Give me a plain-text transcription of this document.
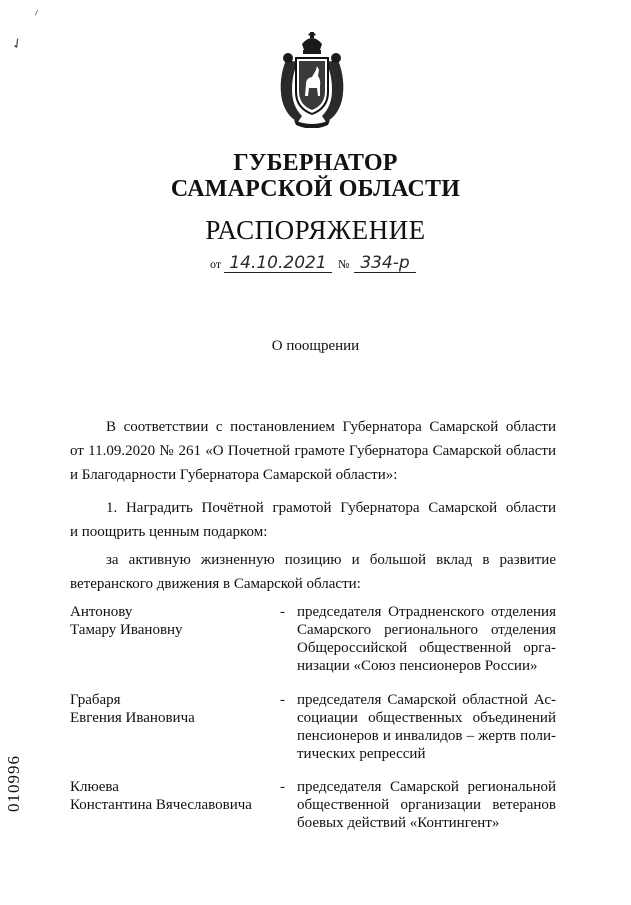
⸍
✓
ГУБЕРНАТОР
САМАРСКОЙ ОБЛАСТИ
РАСПОРЯЖЕНИЕ
от 14.10.2021 № 334-р
О поощрении
В соответствии с постановлением Губернатора Самарской области
от 11.09.2020 № 261 «О Почетной грамоте Губернатора Самарской области
и Благодарности Губернатора Самарской области»:
1. Наградить Почётной грамотой Губернатора Самарской области
и поощрить ценным подарком:
за активную жизненную позицию и большой вклад в развитие
ветеранского движения в Самарской области:
Антонову
Тамару Ивановну
- председателя Отрадненского отделения
Самарского регионального отделения
Общероссийской общественной орга-
низации «Союз пенсионеров России»
Грабаря
Евгения Ивановича
- председателя Самарской областной Ас-
социации общественных объединений
пенсионеров и инвалидов – жертв поли-
тических репрессий
Клюева
Константина Вячеславовича
- председателя Самарской региональной
общественной организации ветеранов
боевых действий «Контингент»
010996
